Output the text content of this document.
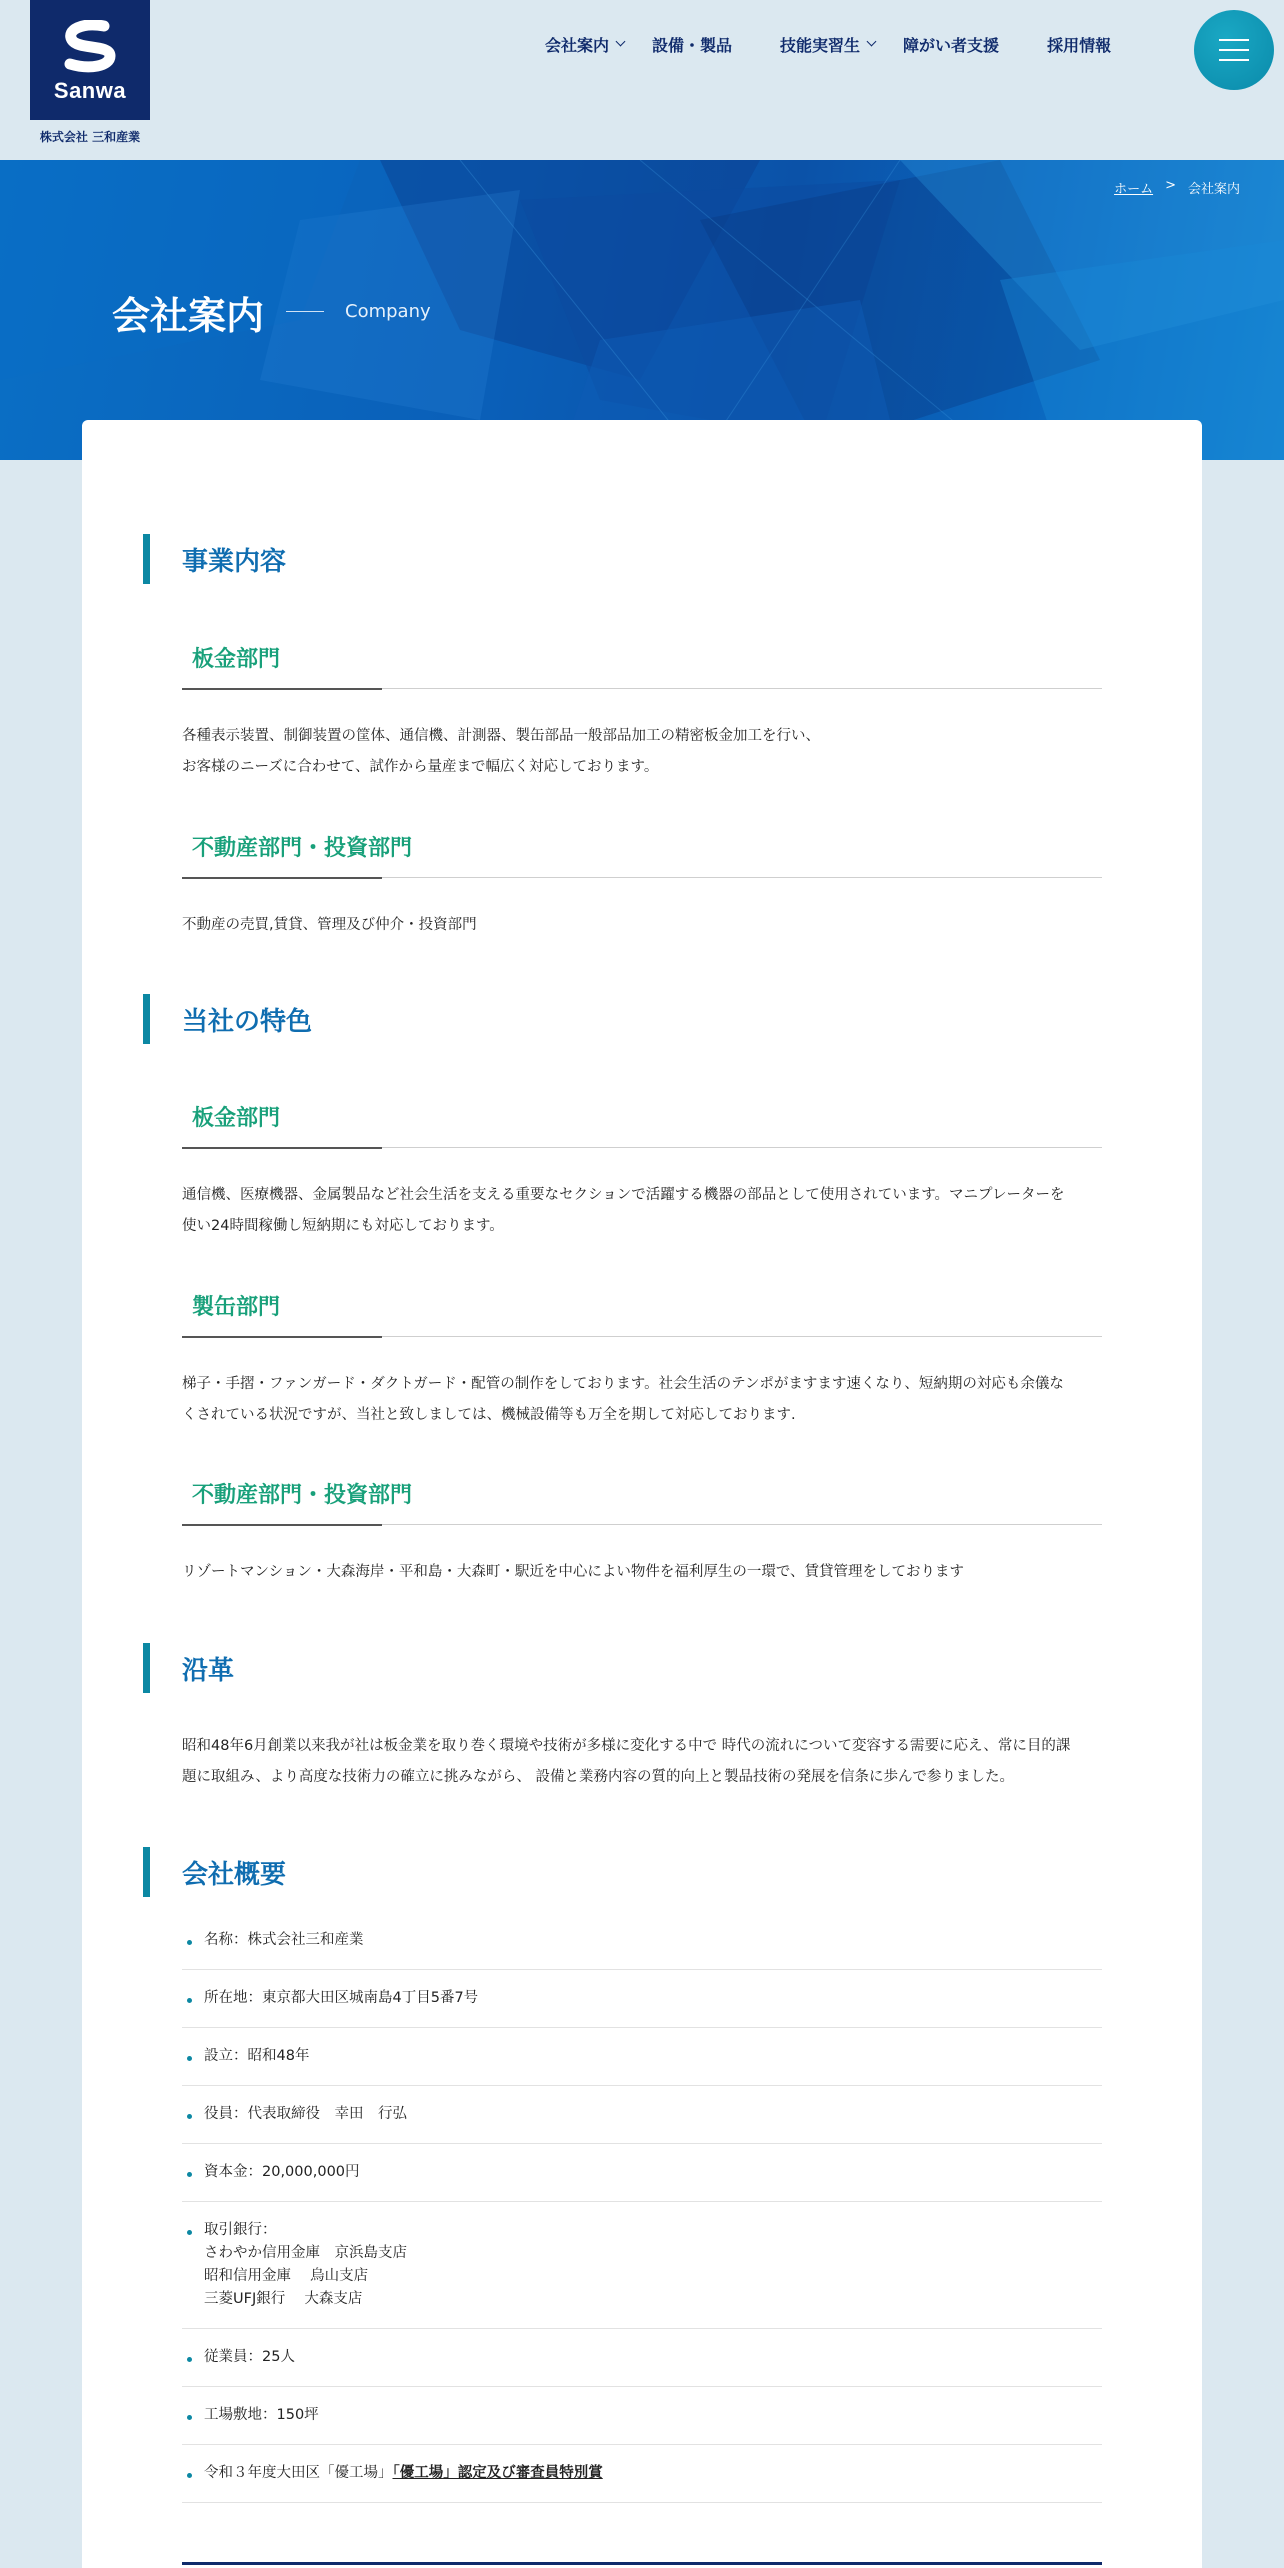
Sanwa
株式会社 三和産業
会社案内	設備・製品	技能実習生	障がい者支援	採用情報
ホーム > 会社案内
会社案内	Company
事業内容
板金部門
各種表示装置、制御装置の筐体、通信機、計測器、製缶部品一般部品加工の精密板金加工を行い、
お客様のニーズに合わせて、試作から量産まで幅広く対応しております。
不動産部門・投資部門
不動産の売買,賃貸、管理及び仲介・投資部門
当社の特色
板金部門
通信機、医療機器、金属製品など社会生活を支える重要なセクションで活躍する機器の部品として使用されています。マニプレーターを
使い24時間稼働し短納期にも対応しております。
製缶部門
梯子・手摺・ファンガード・ダクトガード・配管の制作をしております。社会生活のテンポがますます速くなり、短納期の対応も余儀な
くされている状況ですが、当社と致しましては、機械設備等も万全を期して対応しております.
不動産部門・投資部門
リゾートマンション・大森海岸・平和島・大森町・駅近を中心によい物件を福利厚生の一環で、賃貸管理をしております
沿革
昭和48年6月創業以来我が社は板金業を取り巻く環境や技術が多様に変化する中で 時代の流れについて変容する需要に応え、常に目的課
題に取組み、より高度な技術力の確立に挑みながら、 設備と業務内容の質的向上と製品技術の発展を信条に歩んで参りました。
会社概要
名称：株式会社三和産業
所在地：東京都大田区城南島4丁目5番7号
設立：昭和48年
役員：代表取締役　幸田　行弘
資本金：20,000,000円
取引銀行：
さわやか信用金庫　京浜島支店
昭和信用金庫　 烏山支店
三菱UFJ銀行　 大森支店
従業員：25人
工場敷地：150坪
令和３年度大田区「優工場」「優工場」認定及び審査員特別賞
